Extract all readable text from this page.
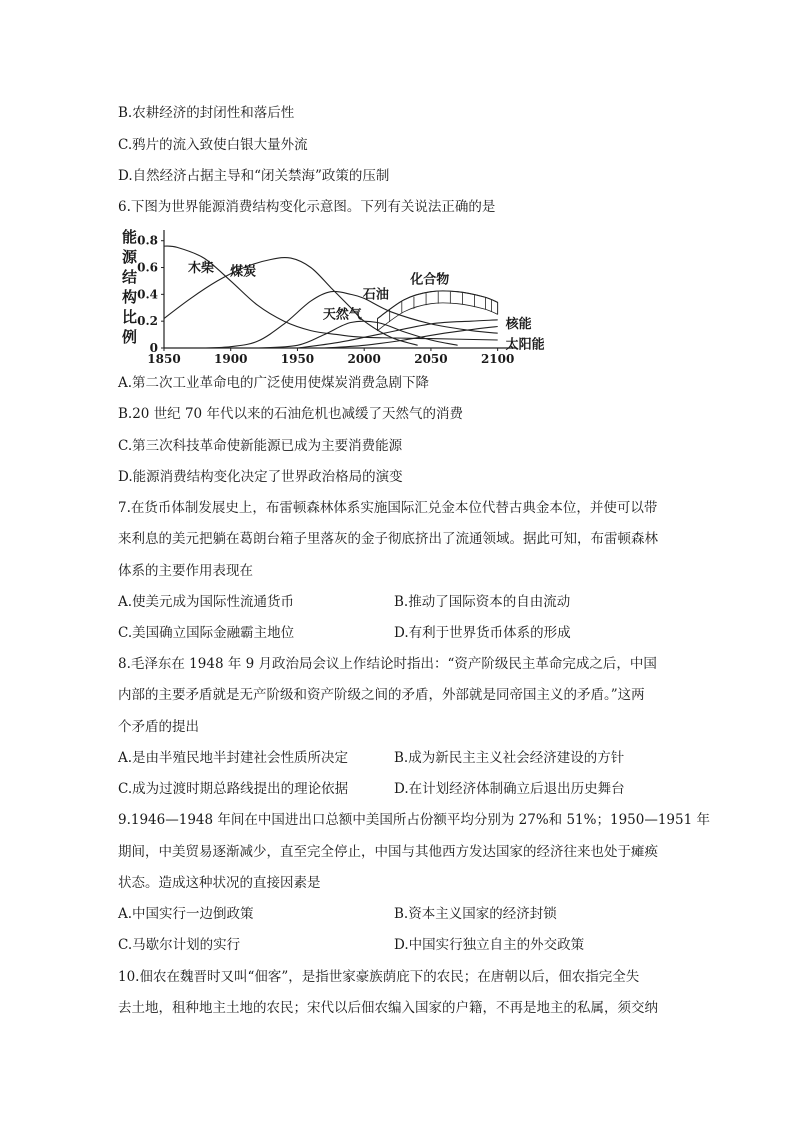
B.农耕经济的封闭性和落后性
C.鸦片的流入致使白银大量外流
D.自然经济占据主导和“闭关禁海”政策的压制
6.下图为世界能源消费结构变化示意图。下列有关说法正确的是
能
源
结
构
比
例
0
0.2
0.4
0.6
0.8
1850	1900	1950	2000	2050	2100
木柴 煤炭
石油
天然气
化合物
核能
太阳能
A.第二次工业革命电的广泛使用使煤炭消费急剧下降
B.20 世纪 70 年代以来的石油危机也减缓了天然气的消费
C.第三次科技革命使新能源已成为主要消费能源
D.能源消费结构变化决定了世界政治格局的演变
7.在货币体制发展史上，布雷顿森林体系实施国际汇兑金本位代替古典金本位，并使可以带
来利息的美元把躺在葛朗台箱子里落灰的金子彻底挤出了流通领域。据此可知，布雷顿森林
体系的主要作用表现在
A.使美元成为国际性流通货币	B.推动了国际资本的自由流动
C.美国确立国际金融霸主地位	D.有利于世界货币体系的形成
8.毛泽东在 1948 年 9 月政治局会议上作结论时指出：“资产阶级民主革命完成之后，中国
内部的主要矛盾就是无产阶级和资产阶级之间的矛盾，外部就是同帝国主义的矛盾。”这两
个矛盾的提出
A.是由半殖民地半封建社会性质所决定	B.成为新民主主义社会经济建设的方针
C.成为过渡时期总路线提出的理论依据	D.在计划经济体制确立后退出历史舞台
9.1946—1948 年间在中国进出口总额中美国所占份额平均分别为 27%和 51%；1950—1951 年
期间，中美贸易逐渐减少，直至完全停止，中国与其他西方发达国家的经济往来也处于瘫痪
状态。造成这种状况的直接因素是
A.中国实行一边倒政策	B.资本主义国家的经济封锁
C.马歇尔计划的实行	D.中国实行独立自主的外交政策
10.佃农在魏晋时又叫“佃客”，是指世家豪族荫庇下的农民；在唐朝以后，佃农指完全失
去土地，租种地主土地的农民；宋代以后佃农编入国家的户籍，不再是地主的私属，须交纳
